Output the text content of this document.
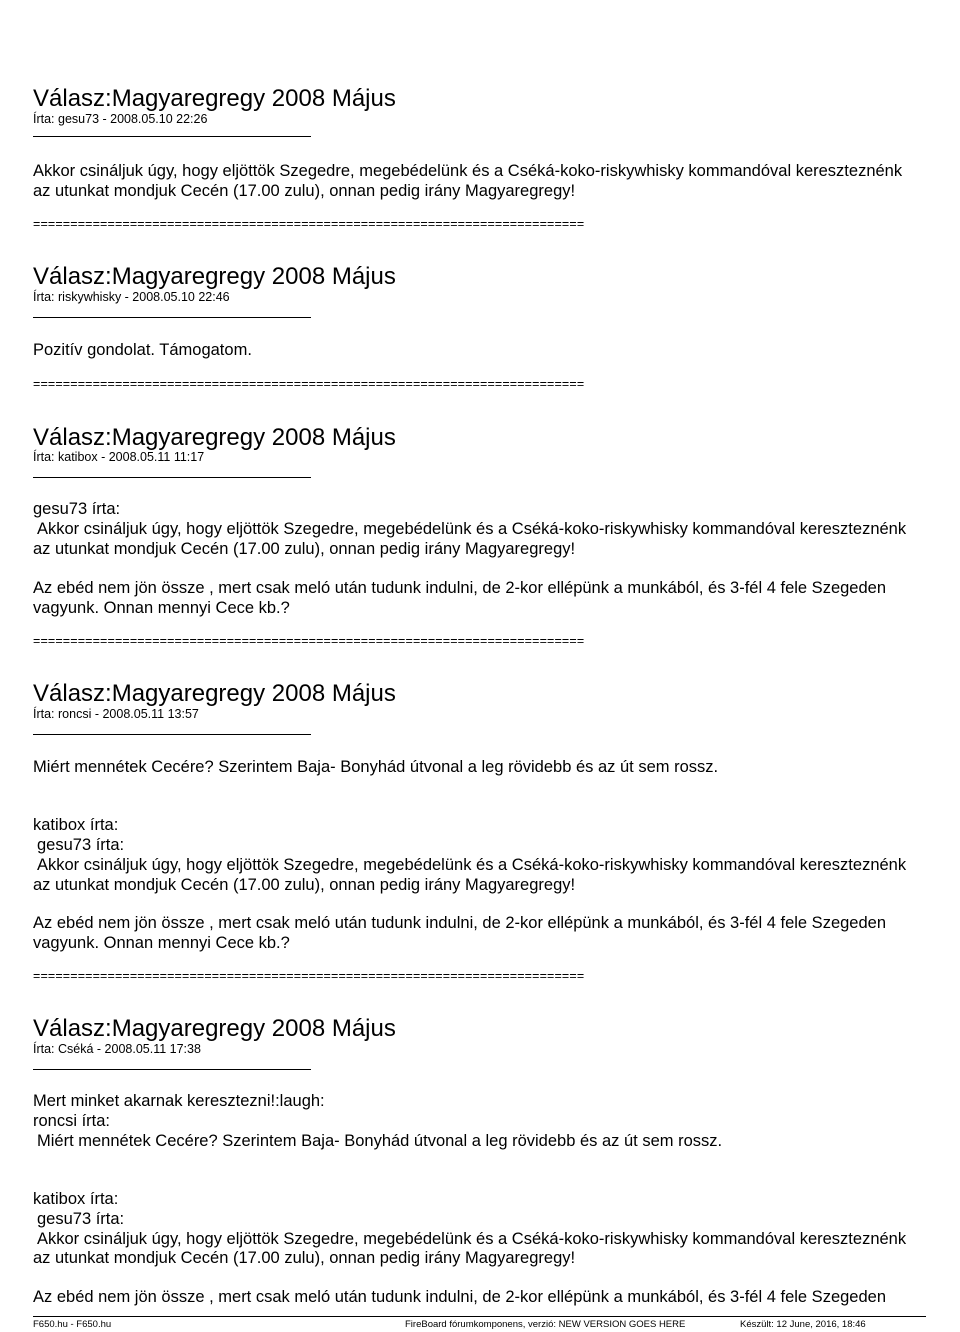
Válasz:Magyaregregy 2008 Május
Írta: gesu73 - 2008.05.10 22:26
Akkor csináljuk úgy, hogy eljöttök Szegedre, megebédelünk és a Cséká-koko-riskywhisky kommandóval kereszteznénk
az utunkat mondjuk Cecén (17.00 zulu), onnan pedig irány Magyaregregy!
==========================================================================
Válasz:Magyaregregy 2008 Május
Írta: riskywhisky - 2008.05.10 22:46
Pozitív gondolat. Támogatom.
==========================================================================
Válasz:Magyaregregy 2008 Május
Írta: katibox - 2008.05.11 11:17
gesu73 írta:
Akkor csináljuk úgy, hogy eljöttök Szegedre, megebédelünk és a Cséká-koko-riskywhisky kommandóval kereszteznénk
az utunkat mondjuk Cecén (17.00 zulu), onnan pedig irány Magyaregregy!
Az ebéd nem jön össze , mert csak meló után tudunk indulni, de 2-kor ellépünk a munkából, és 3-fél 4 fele Szegeden
vagyunk. Onnan mennyi Cece kb.?
==========================================================================
Válasz:Magyaregregy 2008 Május
Írta: roncsi - 2008.05.11 13:57
Miért mennétek Cecére? Szerintem Baja- Bonyhád útvonal a leg rövidebb és az út sem rossz.
katibox írta:
gesu73 írta:
Akkor csináljuk úgy, hogy eljöttök Szegedre, megebédelünk és a Cséká-koko-riskywhisky kommandóval kereszteznénk
az utunkat mondjuk Cecén (17.00 zulu), onnan pedig irány Magyaregregy!
Az ebéd nem jön össze , mert csak meló után tudunk indulni, de 2-kor ellépünk a munkából, és 3-fél 4 fele Szegeden
vagyunk. Onnan mennyi Cece kb.?
==========================================================================
Válasz:Magyaregregy 2008 Május
Írta: Cséká - 2008.05.11 17:38
Mert minket akarnak keresztezni!:laugh:
roncsi írta:
Miért mennétek Cecére? Szerintem Baja- Bonyhád útvonal a leg rövidebb és az út sem rossz.
katibox írta:
gesu73 írta:
Akkor csináljuk úgy, hogy eljöttök Szegedre, megebédelünk és a Cséká-koko-riskywhisky kommandóval kereszteznénk
az utunkat mondjuk Cecén (17.00 zulu), onnan pedig irány Magyaregregy!
Az ebéd nem jön össze , mert csak meló után tudunk indulni, de 2-kor ellépünk a munkából, és 3-fél 4 fele Szegeden
F650.hu - F650.hu	FireBoard fórumkomponens, verzió: NEW VERSION GOES HERE	Készült: 12 June, 2016, 18:46
